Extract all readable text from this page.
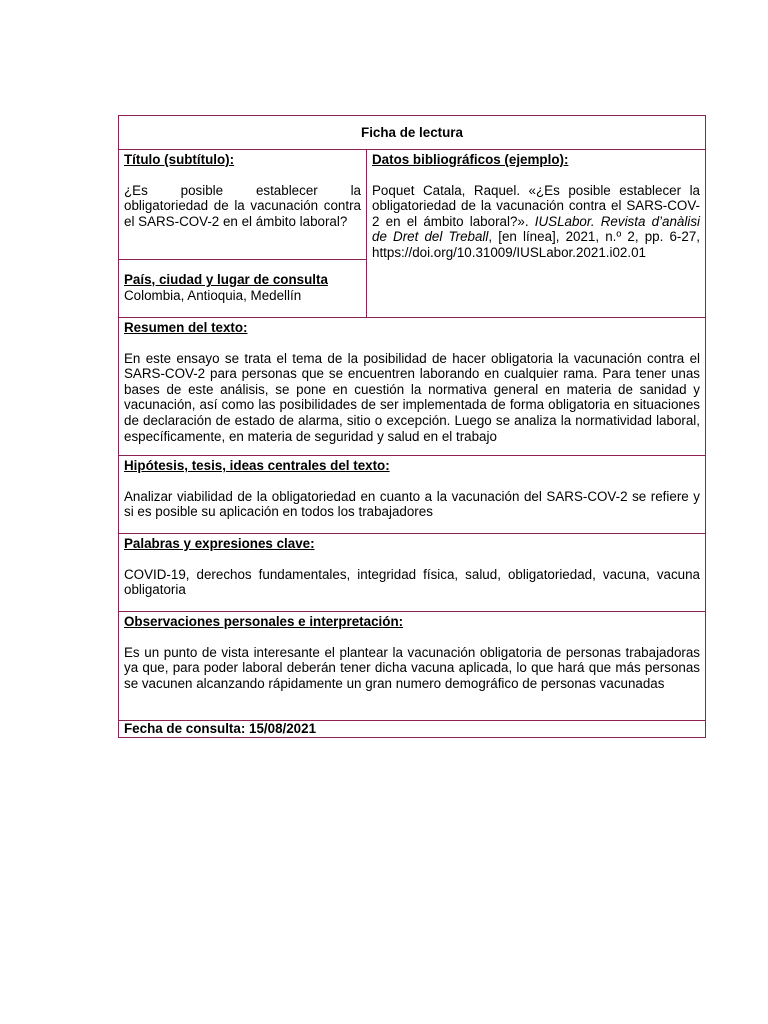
Ficha de lectura

Título (subtítulo):
¿Es posible establecer la obligatoriedad de la vacunación contra el SARS-COV-2 en el ámbito laboral?

Datos bibliográficos (ejemplo):
Poquet Catala, Raquel. «¿Es posible establecer la obligatoriedad de la vacunación contra el SARS-COV-2 en el ámbito laboral?». IUSLabor. Revista d’anàlisi de Dret del Treball, [en línea], 2021, n.º 2, pp. 6-27, https://doi.org/10.31009/IUSLabor.2021.i02.01

País, ciudad y lugar de consulta
Colombia, Antioquia, Medellín

Resumen del texto:
En este ensayo se trata el tema de la posibilidad de hacer obligatoria la vacunación contra el SARS-COV-2 para personas que se encuentren laborando en cualquier rama. Para tener unas bases de este análisis, se pone en cuestión la normativa general en materia de sanidad y vacunación, así como las posibilidades de ser implementada de forma obligatoria en situaciones de declaración de estado de alarma, sitio o excepción. Luego se analiza la normatividad laboral, específicamente, en materia de seguridad y salud en el trabajo

Hipótesis, tesis, ideas centrales del texto:
Analizar viabilidad de la obligatoriedad en cuanto a la vacunación del SARS-COV-2 se refiere y si es posible su aplicación en todos los trabajadores

Palabras y expresiones clave:
COVID-19, derechos fundamentales, integridad física, salud, obligatoriedad, vacuna, vacuna obligatoria

Observaciones personales e interpretación:
Es un punto de vista interesante el plantear la vacunación obligatoria de personas trabajadoras ya que, para poder laboral deberán tener dicha vacuna aplicada, lo que hará que más personas se vacunen alcanzando rápidamente un gran numero demográfico de personas vacunadas

Fecha de consulta: 15/08/2021
